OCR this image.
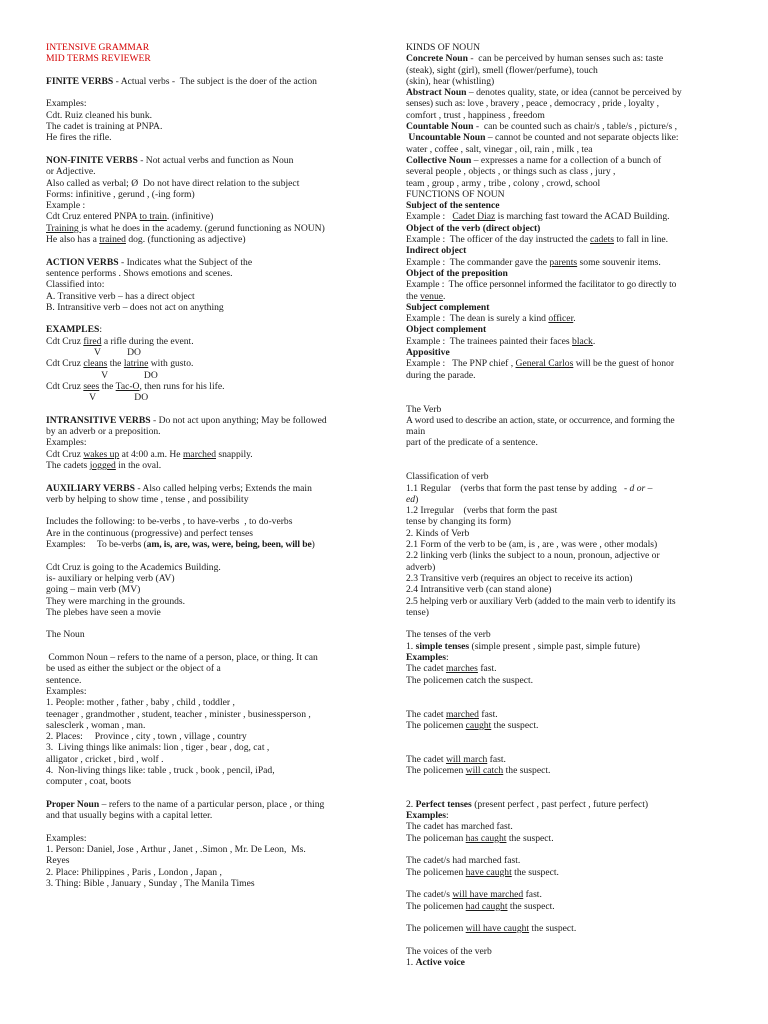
INTENSIVE GRAMMAR
MID TERMS REVIEWER
FINITE VERBS - Actual verbs -  The subject is the doer of the action
Examples:
Cdt. Ruiz cleaned his bunk.
The cadet is training at PNPA.
He fires the rifle.
NON-FINITE VERBS - Not actual verbs and function as Noun
or Adjective.
Also called as verbal; Ø  Do not have direct relation to the subject
Forms: infinitive , gerund , (-ing form)
Example :
Cdt Cruz entered PNPA to train. (infinitive)
Training is what he does in the academy. (gerund functioning as NOUN)
He also has a trained dog. (functioning as adjective)
ACTION VERBS - Indicates what the Subject of the
sentence performs . Shows emotions and scenes.
Classified into:
A. Transitive verb – has a direct object
B. Intransitive verb – does not act on anything
EXAMPLES:
Cdt Cruz fired a rifle during the event.
V           DO
Cdt Cruz cleans the latrine with gusto.
V               DO
Cdt Cruz sees the Tac-O, then runs for his life.
V                DO
INTRANSITIVE VERBS - Do not act upon anything; May be followed
by an adverb or a preposition.
Examples:
Cdt Cruz wakes up at 4:00 a.m. He marched snappily.
The cadets jogged in the oval.
AUXILIARY VERBS - Also called helping verbs; Extends the main
verb by helping to show time , tense , and possibility
Includes the following: to be-verbs , to have-verbs  , to do-verbs
Are in the continuous (progressive) and perfect tenses
Examples:     To be-verbs (am, is, are, was, were, being, been, will be)
Cdt Cruz is going to the Academics Building.
is- auxiliary or helping verb (AV)
going – main verb (MV)
They were marching in the grounds.
The plebes have seen a movie
The Noun
Common Noun – refers to the name of a person, place, or thing. It can
be used as either the subject or the object of a
sentence.
Examples:
1. People: mother , father , baby , child , toddler ,
teenager , grandmother , student, teacher , minister , businessperson ,
salesclerk , woman , man.
2. Places:     Province , city , town , village , country
3.  Living things like animals: lion , tiger , bear , dog, cat ,
alligator , cricket , bird , wolf .
4.  Non-living things like: table , truck , book , pencil, iPad,
computer , coat, boots
Proper Noun – refers to the name of a particular person, place , or thing
and that usually begins with a capital letter.
Examples:
1. Person: Daniel, Jose , Arthur , Janet , .Simon , Mr. De Leon,  Ms.
Reyes
2. Place: Philippines , Paris , London , Japan ,
3. Thing: Bible , January , Sunday , The Manila Times
KINDS OF NOUN
Concrete Noun -  can be perceived by human senses such as: taste
(steak), sight (girl), smell (flower/perfume), touch
(skin), hear (whistling)
Abstract Noun – denotes quality, state, or idea (cannot be perceived by
senses) such as: love , bravery , peace , democracy , pride , loyalty ,
comfort , trust , happiness , freedom
Countable Noun -  can be counted such as chair/s , table/s , picture/s ,
Uncountable Noun – cannot be counted and not separate objects like:
water , coffee , salt, vinegar , oil, rain , milk , tea
Collective Noun – expresses a name for a collection of a bunch of
several people , objects , or things such as class , jury ,
team , group , army , tribe , colony , crowd, school
FUNCTIONS OF NOUN
Subject of the sentence
Example :   Cadet Diaz is marching fast toward the ACAD Building.
Object of the verb (direct object)
Example :  The officer of the day instructed the cadets to fall in line.
Indirect object
Example :  The commander gave the parents some souvenir items.
Object of the preposition
Example :  The office personnel informed the facilitator to go directly to
the venue.
Subject complement
Example :  The dean is surely a kind officer.
Object complement
Example :  The trainees painted their faces black.
Appositive
Example :   The PNP chief , General Carlos will be the guest of honor
during the parade.
The Verb
A word used to describe an action, state, or occurrence, and forming the
main
part of the predicate of a sentence.
Classification of verb
1.1 Regular    (verbs that form the past tense by adding   - d or –
ed)
1.2 Irregular    (verbs that form the past
tense by changing its form)
2. Kinds of Verb
2.1 Form of the verb to be (am, is , are , was were , other modals)
2.2 linking verb (links the subject to a noun, pronoun, adjective or
adverb)
2.3 Transitive verb (requires an object to receive its action)
2.4 Intransitive verb (can stand alone)
2.5 helping verb or auxiliary Verb (added to the main verb to identify its
tense)
The tenses of the verb
1. simple tenses (simple present , simple past, simple future)
Examples:
The cadet marches fast.
The policemen catch the suspect.
The cadet marched fast.
The policemen caught the suspect.
The cadet will march fast.
The policemen will catch the suspect.
2. Perfect tenses (present perfect , past perfect , future perfect)
Examples:
The cadet has marched fast.
The policeman has caught the suspect.
The cadet/s had marched fast.
The policemen have caught the suspect.
The cadet/s will have marched fast.
The policemen had caught the suspect.
The policemen will have caught the suspect.
The voices of the verb
1. Active voice
